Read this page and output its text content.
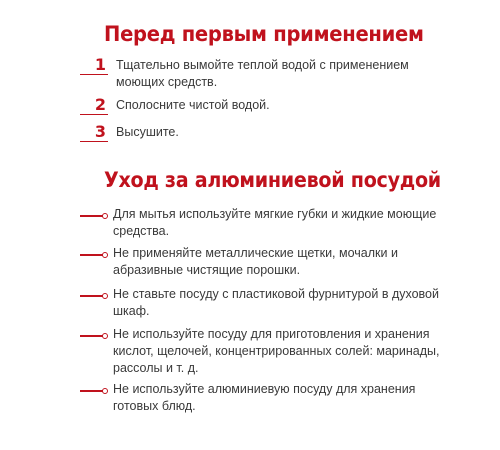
Перед первым применением
1 Тщательно вымойте теплой водой с применением моющих средств.
2 Сполосните чистой водой.
3 Высушите.
Уход за алюминиевой посудой
Для мытья используйте мягкие губки и жидкие моющие средства.
Не применяйте металлические щетки, мочалки и абразивные чистящие порошки.
Не ставьте посуду с пластиковой фурнитурой в духовой шкаф.
Не используйте посуду для приготовления и хранения кислот, щелочей, концентрированных солей: маринады, рассолы и т. д.
Не используйте алюминиевую посуду для хранения готовых блюд.
